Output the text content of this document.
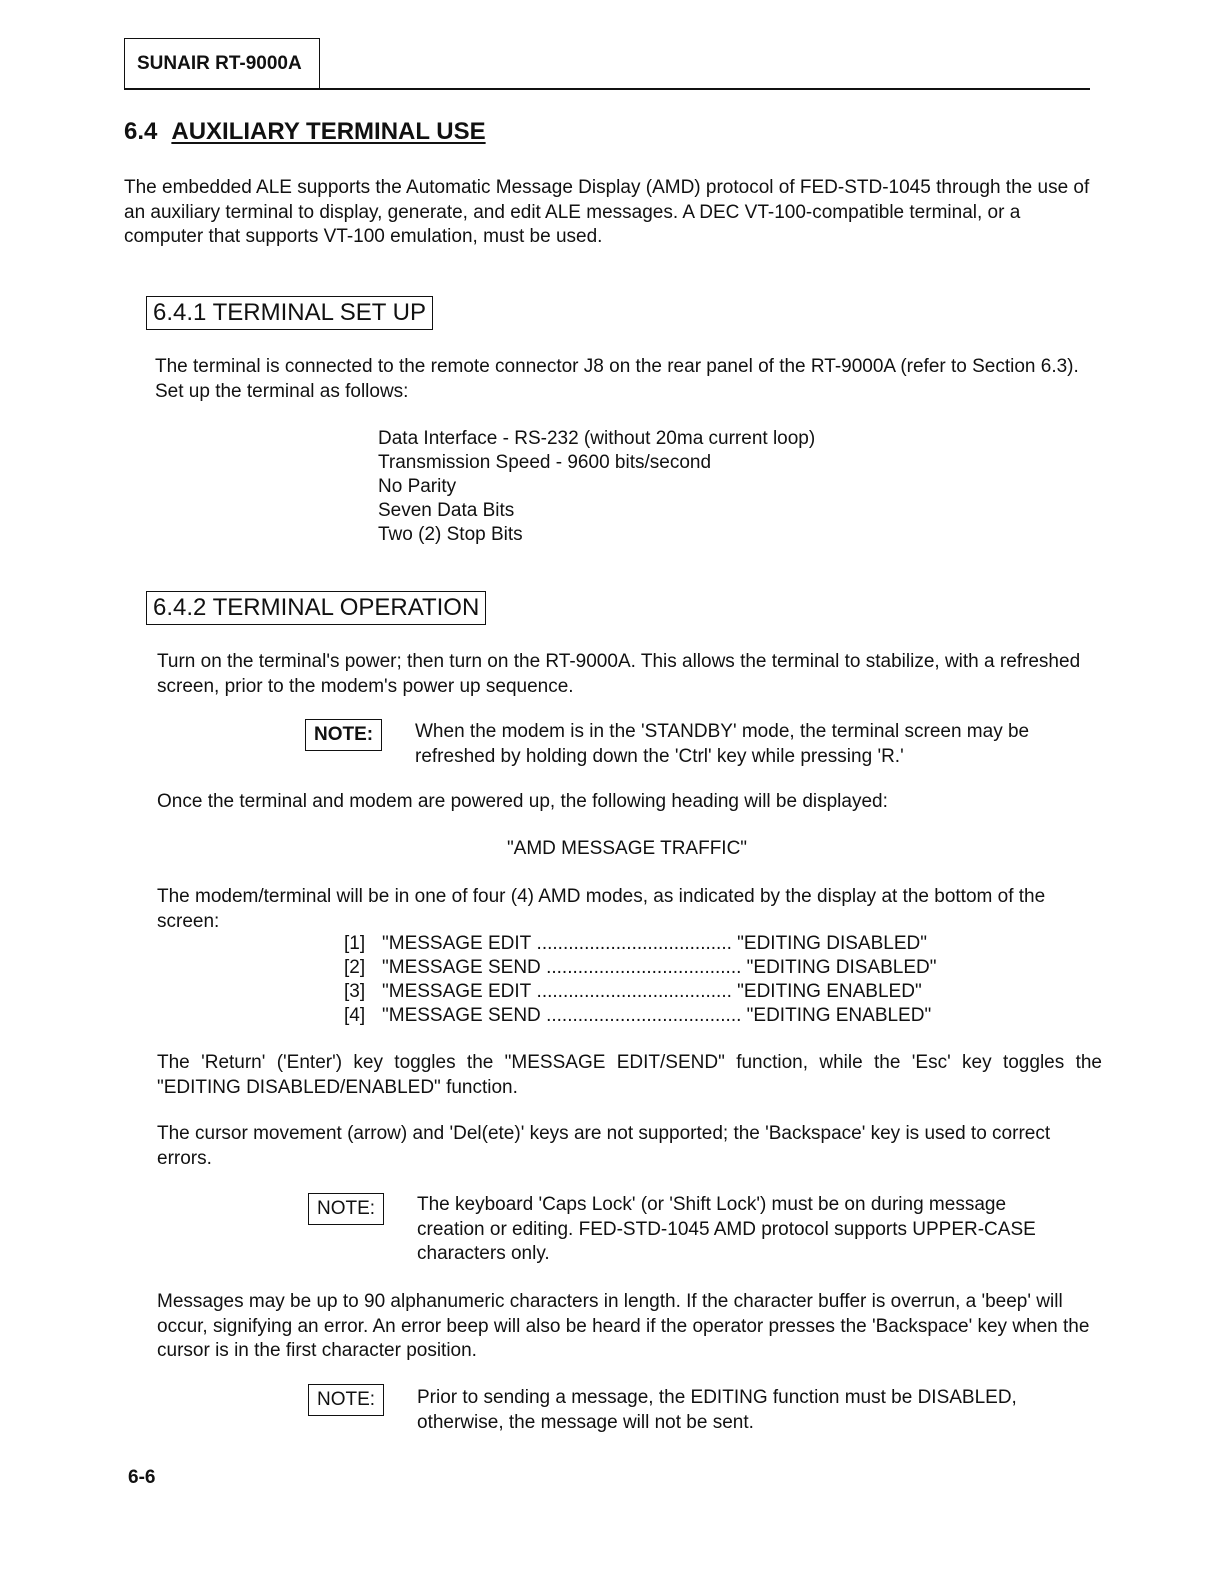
SUNAIR RT-9000A
6.4 AUXILIARY TERMINAL USE
The embedded ALE supports the Automatic Message Display (AMD) protocol of FED-STD-1045 through the use of an auxiliary terminal to display, generate, and edit ALE messages. A DEC VT-100-compatible terminal, or a computer that supports VT-100 emulation, must be used.
6.4.1 TERMINAL SET UP
The terminal is connected to the remote connector J8 on the rear panel of the RT-9000A (refer to Section 6.3). Set up the terminal as follows:
Data Interface - RS-232 (without 20ma current loop)
Transmission Speed - 9600 bits/second
No Parity
Seven Data Bits
Two (2) Stop Bits
6.4.2 TERMINAL OPERATION
Turn on the terminal's power; then turn on the RT-9000A. This allows the terminal to stabilize, with a refreshed screen, prior to the modem's power up sequence.
NOTE:	When the modem is in the 'STANDBY' mode, the terminal screen may be refreshed by holding down the 'Ctrl' key while pressing 'R.'
Once the terminal and modem are powered up, the following heading will be displayed:
"AMD MESSAGE TRAFFIC"
The modem/terminal will be in one of four (4) AMD modes, as indicated by the display at the bottom of the screen:
[1] "MESSAGE EDIT ..................................... "EDITING DISABLED"
[2] "MESSAGE SEND ..................................... "EDITING DISABLED"
[3] "MESSAGE EDIT ..................................... "EDITING ENABLED"
[4] "MESSAGE SEND ..................................... "EDITING ENABLED"
The 'Return' ('Enter') key toggles the "MESSAGE EDIT/SEND" function, while the 'Esc' key toggles the "EDITING DISABLED/ENABLED" function.
The cursor movement (arrow) and 'Del(ete)' keys are not supported; the 'Backspace' key is used to correct errors.
NOTE:	The keyboard 'Caps Lock' (or 'Shift Lock') must be on during message creation or editing. FED-STD-1045 AMD protocol supports UPPER-CASE characters only.
Messages may be up to 90 alphanumeric characters in length. If the character buffer is overrun, a 'beep' will occur, signifying an error. An error beep will also be heard if the operator presses the 'Backspace' key when the cursor is in the first character position.
NOTE:	Prior to sending a message, the EDITING function must be DISABLED, otherwise, the message will not be sent.
6-6
